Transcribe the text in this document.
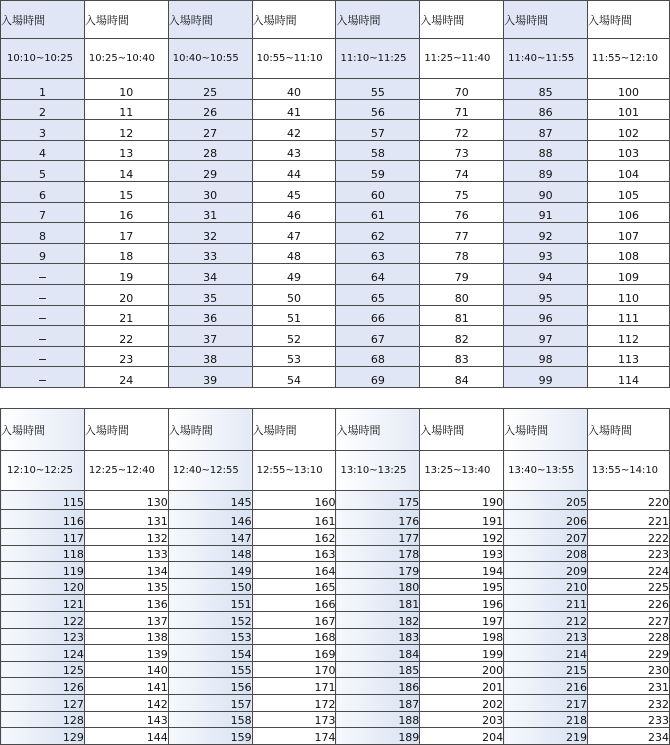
入場時間	入場時間	入場時間	入場時間	入場時間	入場時間	入場時間	入場時間
10:10~10:25	10:25~10:40	10:40~10:55	10:55~11:10	11:10~11:25	11:25~11:40	11:40~11:55	11:55~12:10
1	10	25	40	55	70	85	100
2	11	26	41	56	71	86	101
3	12	27	42	57	72	87	102
4	13	28	43	58	73	88	103
5	14	29	44	59	74	89	104
6	15	30	45	60	75	90	105
7	16	31	46	61	76	91	106
8	17	32	47	62	77	92	107
9	18	33	48	63	78	93	108
−	19	34	49	64	79	94	109
−	20	35	50	65	80	95	110
−	21	36	51	66	81	96	111
−	22	37	52	67	82	97	112
−	23	38	53	68	83	98	113
−	24	39	54	69	84	99	114
入場時間	入場時間	入場時間	入場時間	入場時間	入場時間	入場時間	入場時間
12:10~12:25	12:25~12:40	12:40~12:55	12:55~13:10	13:10~13:25	13:25~13:40	13:40~13:55	13:55~14:10
115	130	145	160	175	190	205	220
116	131	146	161	176	191	206	221
117	132	147	162	177	192	207	222
118	133	148	163	178	193	208	223
119	134	149	164	179	194	209	224
120	135	150	165	180	195	210	225
121	136	151	166	181	196	211	226
122	137	152	167	182	197	212	227
123	138	153	168	183	198	213	228
124	139	154	169	184	199	214	229
125	140	155	170	185	200	215	230
126	141	156	171	186	201	216	231
127	142	157	172	187	202	217	232
128	143	158	173	188	203	218	233
129	144	159	174	189	204	219	234
